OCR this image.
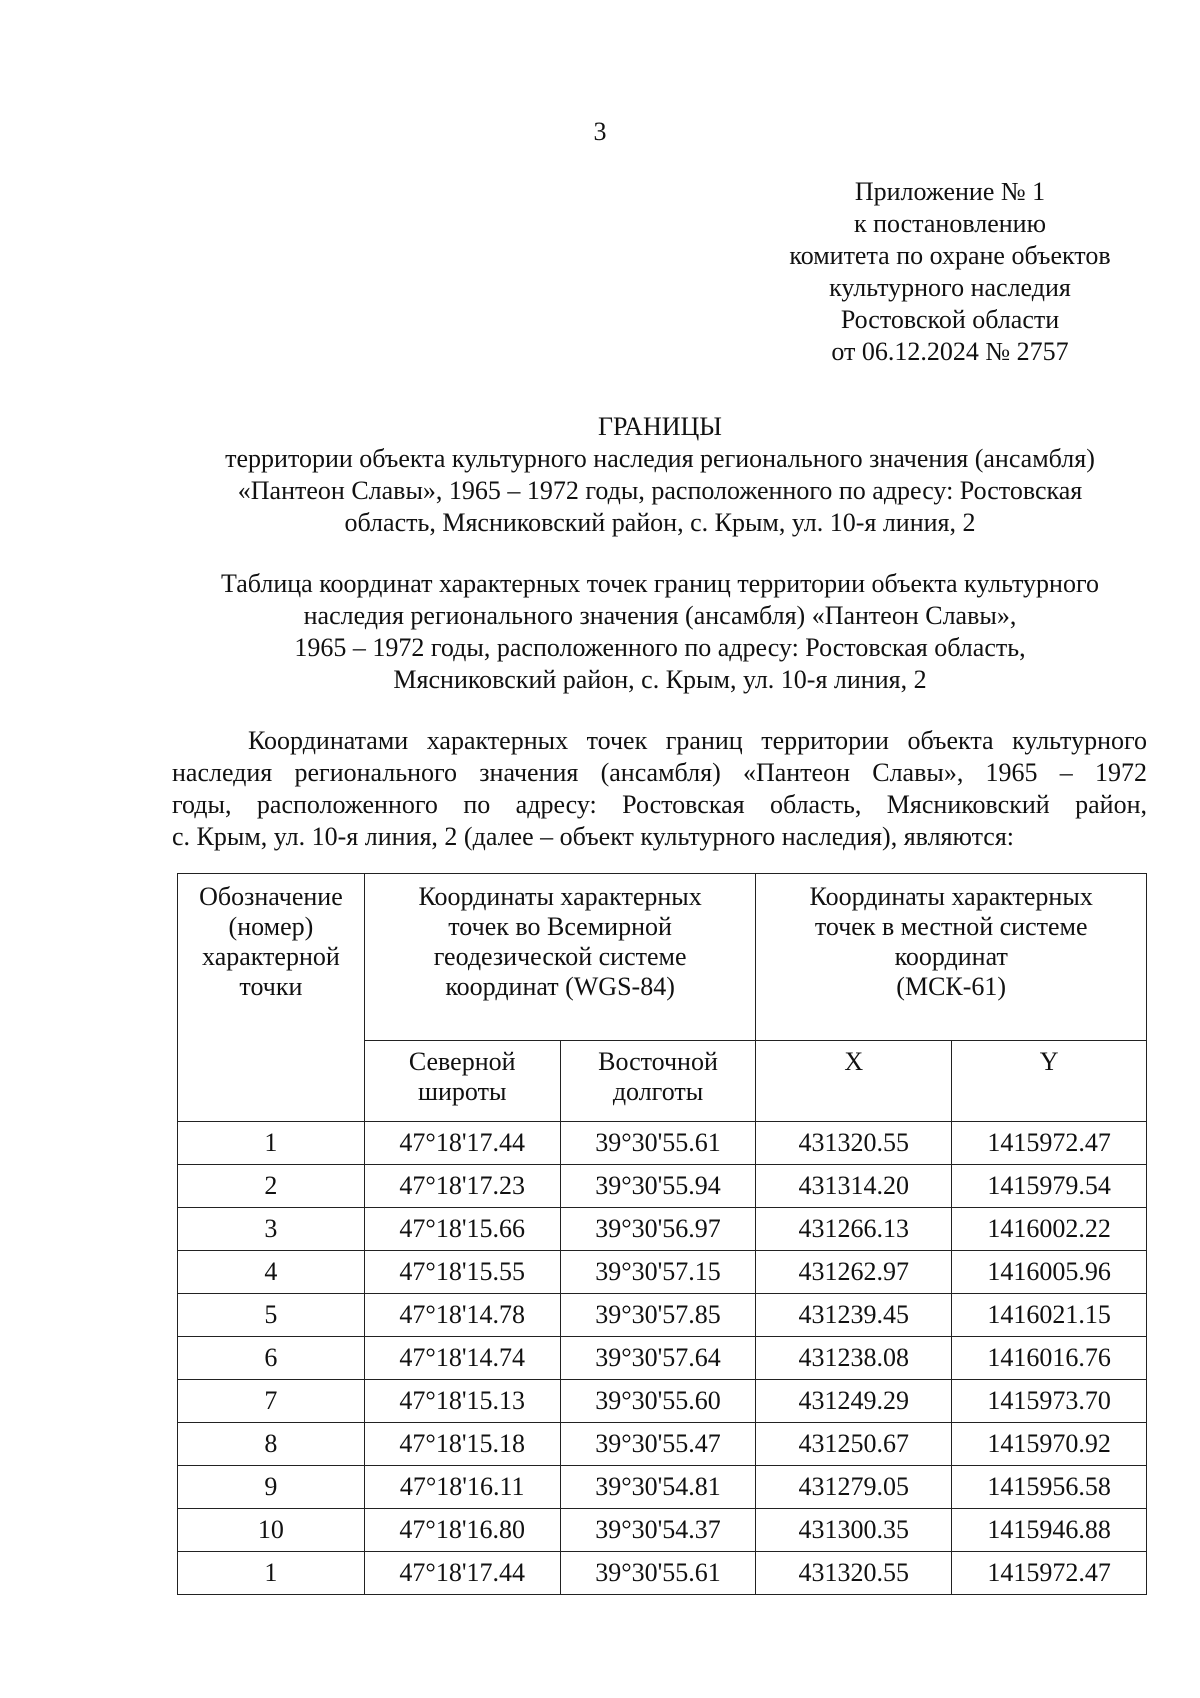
3
Приложение № 1
к постановлению
комитета по охране объектов
культурного наследия
Ростовской области
от 06.12.2024 № 2757
ГРАНИЦЫ
территории объекта культурного наследия регионального значения (ансамбля)
«Пантеон Славы», 1965 – 1972 годы, расположенного по адресу: Ростовская
область, Мясниковский район, с. Крым, ул. 10-я линия, 2
Таблица координат характерных точек границ территории объекта культурного
наследия регионального значения (ансамбля) «Пантеон Славы»,
1965 – 1972 годы, расположенного по адресу: Ростовская область,
Мясниковский район, с. Крым, ул. 10-я линия, 2
Координатами характерных точек границ территории объекта культурного
наследия регионального значения (ансамбля) «Пантеон Славы», 1965 – 1972
годы, расположенного по адресу: Ростовская область, Мясниковский район,
с. Крым, ул. 10-я линия, 2 (далее – объект культурного наследия), являются:
Обозначение
(номер)
характерной
точки	Координаты характерных
точек во Всемирной
геодезической системе
координат (WGS-84)		Координаты характерных
точек в местной системе
координат
(МСК-61)	

	Северной
широты	Восточной
долготы	X	Y
1	47°18'17.44	39°30'55.61	431320.55	1415972.47
2	47°18'17.23	39°30'55.94	431314.20	1415979.54
3	47°18'15.66	39°30'56.97	431266.13	1416002.22
4	47°18'15.55	39°30'57.15	431262.97	1416005.96
5	47°18'14.78	39°30'57.85	431239.45	1416021.15
6	47°18'14.74	39°30'57.64	431238.08	1416016.76
7	47°18'15.13	39°30'55.60	431249.29	1415973.70
8	47°18'15.18	39°30'55.47	431250.67	1415970.92
9	47°18'16.11	39°30'54.81	431279.05	1415956.58
10	47°18'16.80	39°30'54.37	431300.35	1415946.88
1	47°18'17.44	39°30'55.61	431320.55	1415972.47
